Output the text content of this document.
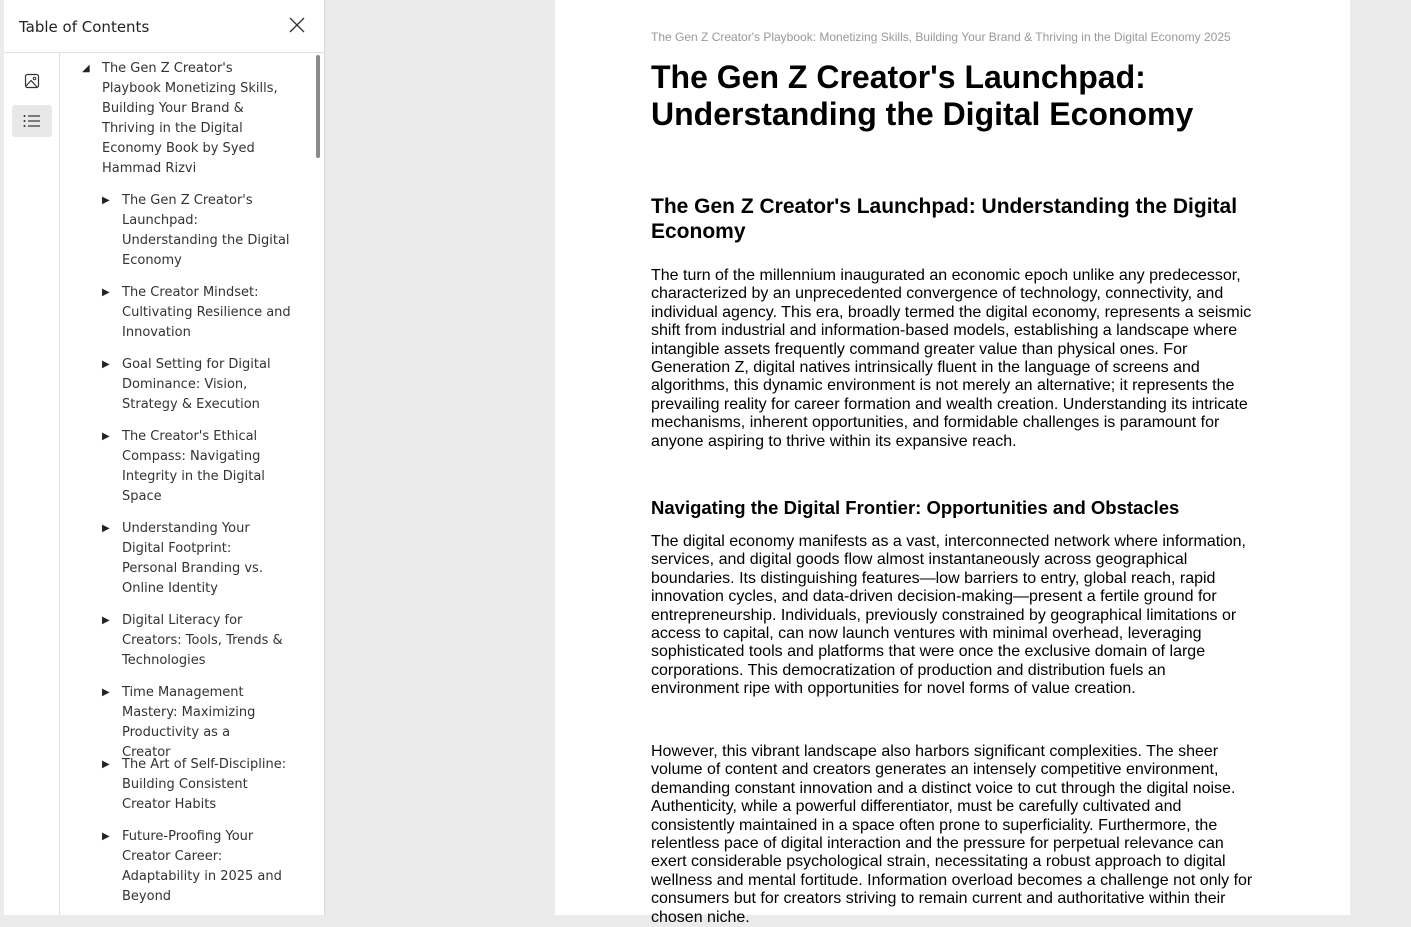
Table of Contents
◢ The Gen Z Creator's Playbook Monetizing Skills, Building Your Brand & Thriving in the Digital Economy Book by Syed Hammad Rizvi
▶ The Gen Z Creator's Launchpad: Understanding the Digital Economy
▶ The Creator Mindset: Cultivating Resilience and Innovation
▶ Goal Setting for Digital Dominance: Vision, Strategy & Execution
▶ The Creator's Ethical Compass: Navigating Integrity in the Digital Space
▶ Understanding Your Digital Footprint: Personal Branding vs. Online Identity
▶ Digital Literacy for Creators: Tools, Trends & Technologies
▶ Time Management Mastery: Maximizing Productivity as a Creator
▶ The Art of Self-Discipline: Building Consistent Creator Habits
▶ Future-Proofing Your Creator Career: Adaptability in 2025 and Beyond
The Gen Z Creator's Playbook: Monetizing Skills, Building Your Brand & Thriving in the Digital Economy 2025
The Gen Z Creator's Launchpad: Understanding the Digital Economy
The Gen Z Creator's Launchpad: Understanding the Digital Economy

The turn of the millennium inaugurated an economic epoch unlike any predecessor, characterized by an unprecedented convergence of technology, connectivity, and individual agency. This era, broadly termed the digital economy, represents a seismic shift from industrial and information-based models, establishing a landscape where intangible assets frequently command greater value than physical ones. For Generation Z, digital natives intrinsically fluent in the language of screens and algorithms, this dynamic environment is not merely an alternative; it represents the prevailing reality for career formation and wealth creation. Understanding its intricate mechanisms, inherent opportunities, and formidable challenges is paramount for anyone aspiring to thrive within its expansive reach.

Navigating the Digital Frontier: Opportunities and Obstacles

The digital economy manifests as a vast, interconnected network where information, services, and digital goods flow almost instantaneously across geographical boundaries. Its distinguishing features—low barriers to entry, global reach, rapid innovation cycles, and data-driven decision-making—present a fertile ground for entrepreneurship. Individuals, previously constrained by geographical limitations or access to capital, can now launch ventures with minimal overhead, leveraging sophisticated tools and platforms that were once the exclusive domain of large corporations. This democratization of production and distribution fuels an environment ripe with opportunities for novel forms of value creation.

However, this vibrant landscape also harbors significant complexities. The sheer volume of content and creators generates an intensely competitive environment, demanding constant innovation and a distinct voice to cut through the digital noise. Authenticity, while a powerful differentiator, must be carefully cultivated and consistently maintained in a space often prone to superficiality. Furthermore, the relentless pace of digital interaction and the pressure for perpetual relevance can exert considerable psychological strain, necessitating a robust approach to digital wellness and mental fortitude. Information overload becomes a challenge not only for consumers but for creators striving to remain current and authoritative within their chosen niche.
